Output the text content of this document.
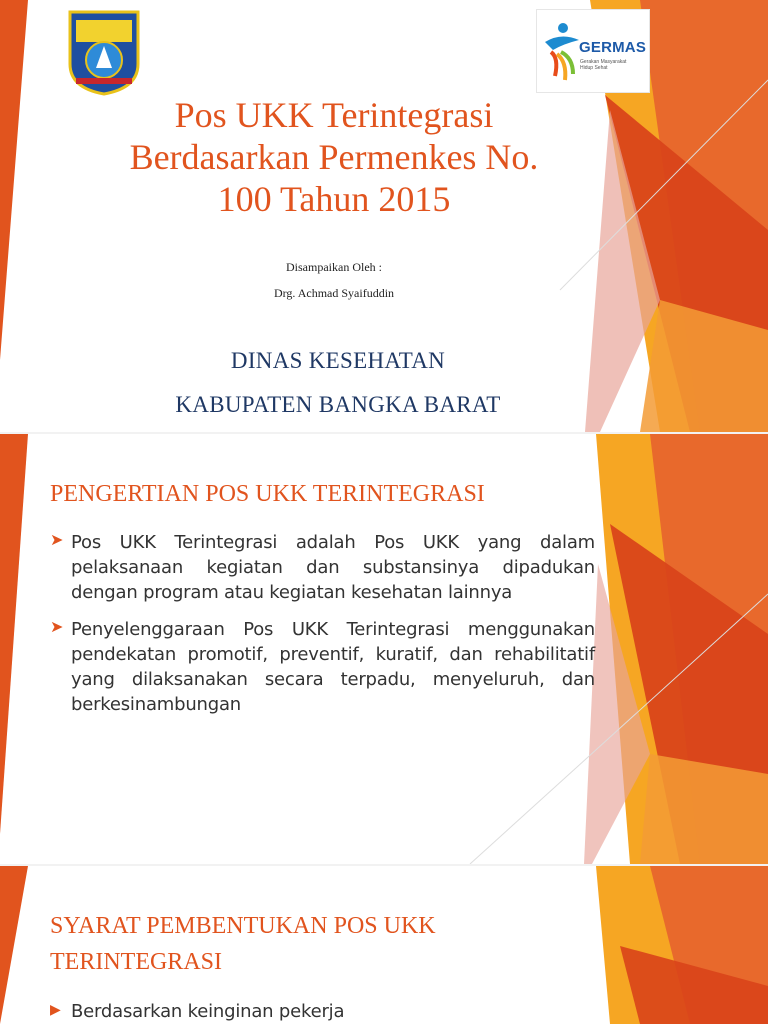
GERMAS
Gerakan Masyarakat
Hidup Sehat
Pos UKK Terintegrasi
Berdasarkan Permenkes No.
100 Tahun 2015
Disampaikan Oleh :
Drg. Achmad Syaifuddin
DINAS KESEHATAN
KABUPATEN BANGKA BARAT
PENGERTIAN POS UKK TERINTEGRASI
➤ Pos UKK Terintegrasi adalah Pos UKK yang dalam pelaksanaan kegiatan dan substansinya dipadukan dengan program atau kegiatan kesehatan lainnya
➤ Penyelenggaraan Pos UKK Terintegrasi menggunakan pendekatan promotif, preventif, kuratif, dan rehabilitatif yang dilaksanakan secara terpadu, menyeluruh, dan berkesinambungan
SYARAT PEMBENTUKAN POS UKK
TERINTEGRASI
▶ Berdasarkan keinginan pekerja
